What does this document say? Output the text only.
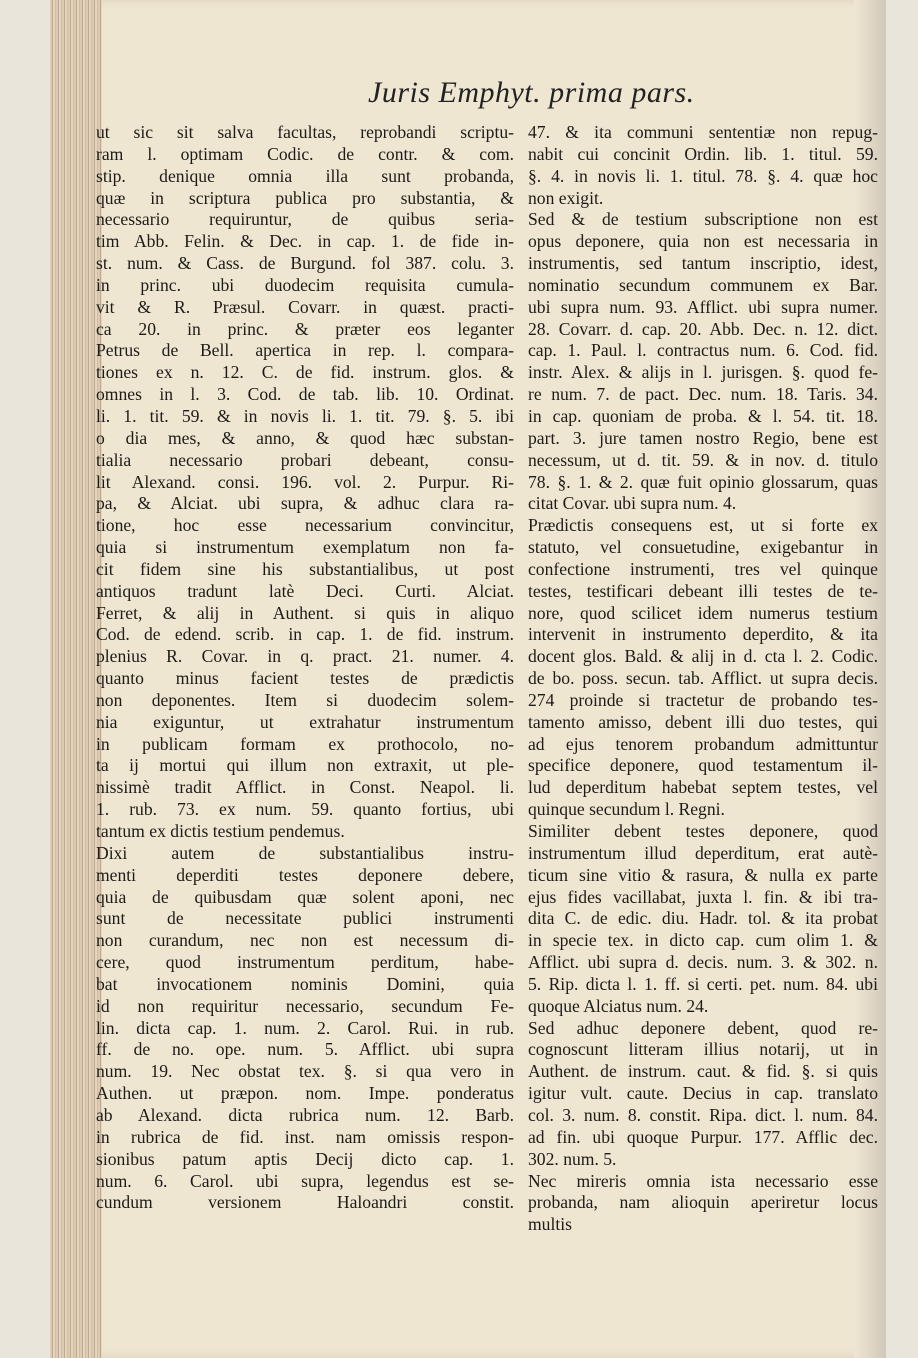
Juris Emphyt. prima pars.
ut sic sit salva facultas, reprobandi scriptu-
ram l. optimam Codic. de contr. & com.
stip. denique omnia illa sunt probanda,
quæ in scriptura publica pro substantia, &
necessario requiruntur, de quibus seria-
tim Abb. Felin. & Dec. in cap. 1. de fide in-
st. num. & Cass. de Burgund. fol 387. colu. 3.
in princ. ubi duodecim requisita cumula-
vit & R. Præsul. Covarr. in quæst. practi-
ca 20. in princ. & præter eos leganter
Petrus de Bell. apertica in rep. l. compara-
tiones ex n. 12. C. de fid. instrum. glos. &
omnes in l. 3. Cod. de tab. lib. 10. Ordinat.
li. 1. tit. 59. & in novis li. 1. tit. 79. §. 5. ibi
o dia mes, & anno, & quod hæc substan-
tialia necessario probari debeant, consu-
lit Alexand. consi. 196. vol. 2. Purpur. Ri-
pa, & Alciat. ubi supra, & adhuc clara ra-
tione, hoc esse necessarium convincitur,
quia si instrumentum exemplatum non fa-
cit fidem sine his substantialibus, ut post
antiquos tradunt latè Deci. Curti. Alciat.
Ferret, & alij in Authent. si quis in aliquo
Cod. de edend. scrib. in cap. 1. de fid. instrum.
plenius R. Covar. in q. pract. 21. numer. 4.
quanto minus facient testes de prædictis
non deponentes. Item si duodecim solem-
nia exiguntur, ut extrahatur instrumentum
in publicam formam ex prothocolo, no-
ta ij mortui qui illum non extraxit, ut ple-
nissimè tradit Afflict. in Const. Neapol. li.
1. rub. 73. ex num. 59. quanto fortius, ubi
tantum ex dictis testium pendemus.
Dixi autem de substantialibus instru-
menti deperditi testes deponere debere,
quia de quibusdam quæ solent aponi, nec
sunt de necessitate publici instrumenti
non curandum, nec non est necessum di-
cere, quod instrumentum perditum, habe-
bat invocationem nominis Domini, quia
id non requiritur necessario, secundum Fe-
lin. dicta cap. 1. num. 2. Carol. Rui. in rub.
ff. de no. ope. num. 5. Afflict. ubi supra
num. 19. Nec obstat tex. §. si qua vero in
Authen. ut præpon. nom. Impe. ponderatus
ab Alexand. dicta rubrica num. 12. Barb.
in rubrica de fid. inst. nam omissis respon-
sionibus patum aptis Decij dicto cap. 1.
num. 6. Carol. ubi supra, legendus est se-
cundum versionem Haloandri constit.
47. & ita communi sententiæ non repug-
nabit cui concinit Ordin. lib. 1. titul. 59.
§. 4. in novis li. 1. titul. 78. §. 4. quæ hoc
non exigit.
Sed & de testium subscriptione non est
opus deponere, quia non est necessaria in
instrumentis, sed tantum inscriptio, idest,
nominatio secundum communem ex Bar.
ubi supra num. 93. Afflict. ubi supra numer.
28. Covarr. d. cap. 20. Abb. Dec. n. 12. dict.
cap. 1. Paul. l. contractus num. 6. Cod. fid.
instr. Alex. & alijs in l. jurisgen. §. quod fe-
re num. 7. de pact. Dec. num. 18. Taris. 34.
in cap. quoniam de proba. & l. 54. tit. 18.
part. 3. jure tamen nostro Regio, bene est
necessum, ut d. tit. 59. & in nov. d. titulo
78. §. 1. & 2. quæ fuit opinio glossarum, quas
citat Covar. ubi supra num. 4.
Prædictis consequens est, ut si forte ex
statuto, vel consuetudine, exigebantur in
confectione instrumenti, tres vel quinque
testes, testificari debeant illi testes de te-
nore, quod scilicet idem numerus testium
intervenit in instrumento deperdito, & ita
docent glos. Bald. & alij in d. cta l. 2. Codic.
de bo. poss. secun. tab. Afflict. ut supra decis.
274 proinde si tractetur de probando tes-
tamento amisso, debent illi duo testes, qui
ad ejus tenorem probandum admittuntur
specifice deponere, quod testamentum il-
lud deperditum habebat septem testes, vel
quinque secundum l. Regni.
Similiter debent testes deponere, quod
instrumentum illud deperditum, erat autè-
ticum sine vitio & rasura, & nulla ex parte
ejus fides vacillabat, juxta l. fin. & ibi tra-
dita C. de edic. diu. Hadr. tol. & ita probat
in specie tex. in dicto cap. cum olim 1. &
Afflict. ubi supra d. decis. num. 3. & 302. n.
5. Rip. dicta l. 1. ff. si certi. pet. num. 84. ubi
quoque Alciatus num. 24.
Sed adhuc deponere debent, quod re-
cognoscunt litteram illius notarij, ut in
Authent. de instrum. caut. & fid. §. si quis
igitur vult. caute. Decius in cap. translato
col. 3. num. 8. constit. Ripa. dict. l. num. 84.
ad fin. ubi quoque Purpur. 177. Afflic dec.
302. num. 5.
Nec mireris omnia ista necessario esse
probanda, nam alioquin aperiretur locus
multis
